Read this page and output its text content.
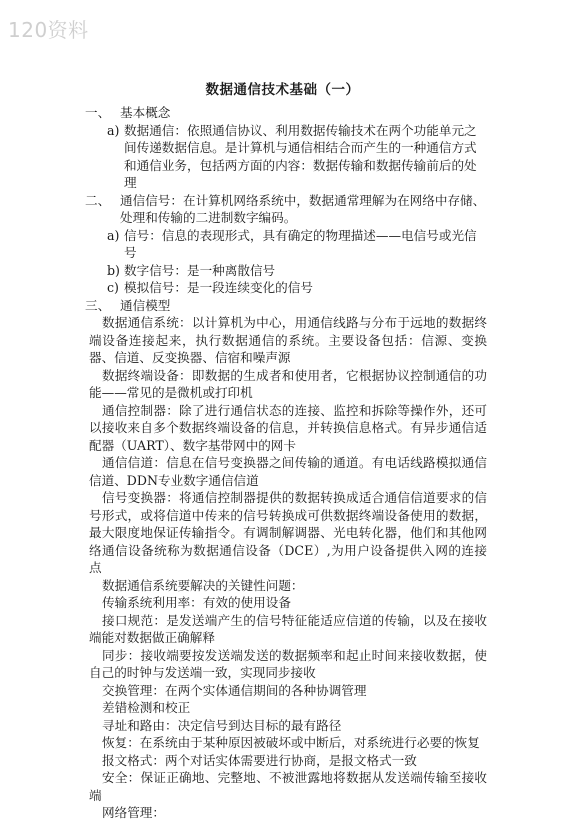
120资料
数据通信技术基础（一）
一、 基本概念
a) 数据通信：依照通信协议、利用数据传输技术在两个功能单元之间传递数据信息。是计算机与通信相结合而产生的一种通信方式和通信业务，包括两方面的内容：数据传输和数据传输前后的处理
二、 通信信号：在计算机网络系统中，数据通常理解为在网络中存储、处理和传输的二进制数字编码。
a) 信号：信息的表现形式，具有确定的物理描述——电信号或光信号
b) 数字信号：是一种离散信号
c) 模拟信号：是一段连续变化的信号
三、 通信模型
数据通信系统：以计算机为中心，用通信线路与分布于远地的数据终端设备连接起来，执行数据通信的系统。主要设备包括：信源、变换器、信道、反变换器、信宿和噪声源
数据终端设备：即数据的生成者和使用者，它根据协议控制通信的功能——常见的是微机或打印机
通信控制器：除了进行通信状态的连接、监控和拆除等操作外，还可以接收来自多个数据终端设备的信息，并转换信息格式。有异步通信适配器（UART）、数字基带网中的网卡
通信信道：信息在信号变换器之间传输的通道。有电话线路模拟通信信道、DDN专业数字通信信道
信号变换器：将通信控制器提供的数据转换成适合通信信道要求的信号形式，或将信道中传来的信号转换成可供数据终端设备使用的数据，最大限度地保证传输指令。有调制解调器、光电转化器，他们和其他网络通信设备统称为数据通信设备（DCE）,为用户设备提供入网的连接点
数据通信系统要解决的关键性问题：
传输系统利用率：有效的使用设备
接口规范：是发送端产生的信号特征能适应信道的传输，以及在接收端能对数据做正确解释
同步：接收端要按发送端发送的数据频率和起止时间来接收数据，使自己的时钟与发送端一致，实现同步接收
交换管理：在两个实体通信期间的各种协调管理
差错检测和校正
寻址和路由：决定信号到达目标的最有路径
恢复：在系统由于某种原因被破坏或中断后，对系统进行必要的恢复
报文格式：两个对话实体需要进行协商，是报文格式一致
安全：保证正确地、完整地、不被泄露地将数据从发送端传输至接收端
网络管理：
